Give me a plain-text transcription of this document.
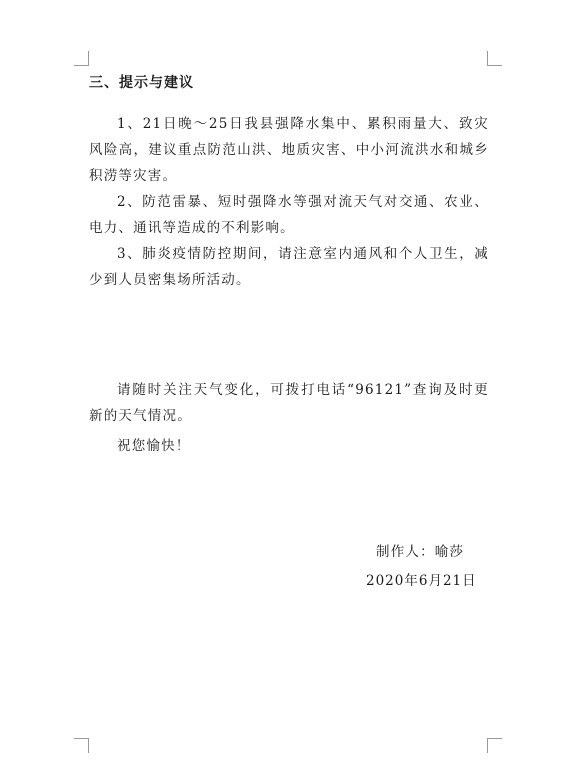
三、提示与建议
1、21日晚～25日我县强降水集中、累积雨量大、致灾风险高，建议重点防范山洪、地质灾害、中小河流洪水和城乡积涝等灾害。
2、防范雷暴、短时强降水等强对流天气对交通、农业、电力、通讯等造成的不利影响。
3、肺炎疫情防控期间，请注意室内通风和个人卫生，减少到人员密集场所活动。
请随时关注天气变化，可拨打电话“96121”查询及时更新的天气情况。
祝您愉快！
制作人：喻莎
2020年6月21日
